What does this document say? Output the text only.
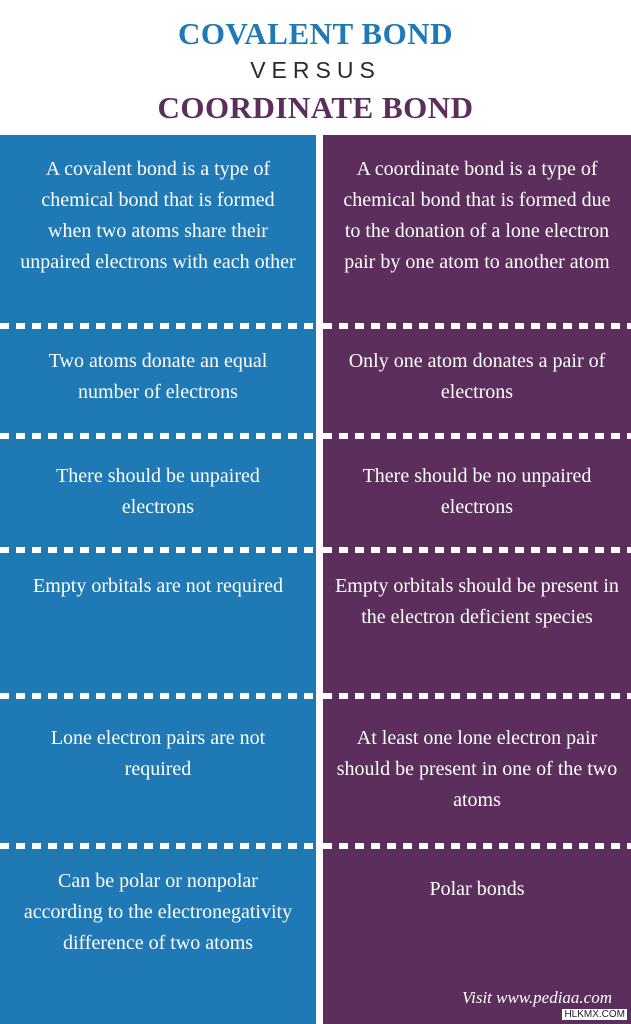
COVALENT BOND
VERSUS
COORDINATE BOND
A covalent bond is a type of chemical bond that is formed when two atoms share their unpaired electrons with each other
A coordinate bond is a type of chemical bond that is formed due to the donation of a lone electron pair by one atom to another atom
Two atoms donate an equal number of electrons
Only one atom donates a pair of electrons
There should be unpaired electrons
There should be no unpaired electrons
Empty orbitals are not required	Empty orbitals should be present in the electron deficient species
Lone electron pairs are not required
At least one lone electron pair should be present in one of the two atoms
Can be polar or nonpolar according to the electronegativity difference of two atoms
Polar bonds
Visit www.pediaa.com
HLKMX.COM
